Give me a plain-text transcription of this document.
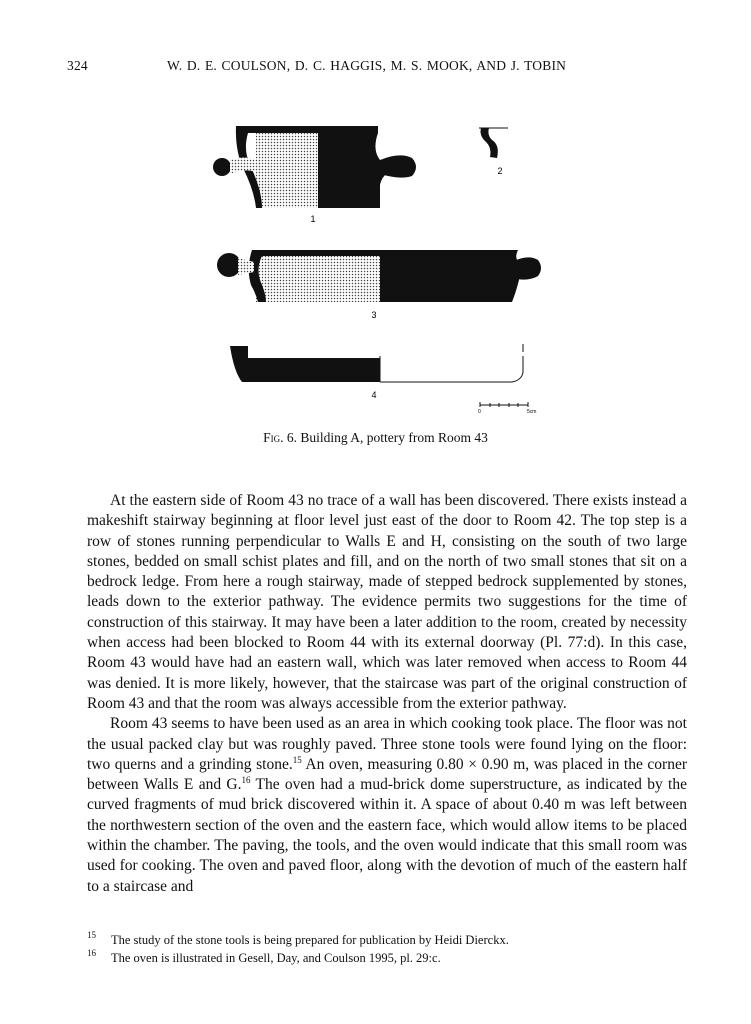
324	W. D. E. COULSON, D. C. HAGGIS, M. S. MOOK, AND J. TOBIN
1
2
3
4
0	5cm
Fig. 6. Building A, pottery from Room 43

At the eastern side of Room 43 no trace of a wall has been discovered. There exists instead a makeshift stairway beginning at floor level just east of the door to Room 42. The top step is a row of stones running perpendicular to Walls E and H, consisting on the south of two large stones, bedded on small schist plates and fill, and on the north of two small stones that sit on a bedrock ledge. From here a rough stairway, made of stepped bedrock supplemented by stones, leads down to the exterior pathway. The evidence permits two suggestions for the time of construction of this stairway. It may have been a later addition to the room, created by necessity when access had been blocked to Room 44 with its external doorway (Pl. 77:d). In this case, Room 43 would have had an eastern wall, which was later removed when access to Room 44 was denied. It is more likely, however, that the staircase was part of the original construction of Room 43 and that the room was always accessible from the exterior pathway.

Room 43 seems to have been used as an area in which cooking took place. The floor was not the usual packed clay but was roughly paved. Three stone tools were found lying on the floor: two querns and a grinding stone.$^{15}$ An oven, measuring 0.80 × 0.90 m, was placed in the corner between Walls E and G.$^{16}$ The oven had a mud-brick dome superstructure, as indicated by the curved fragments of mud brick discovered within it. A space of about 0.40 m was left between the northwestern section of the oven and the eastern face, which would allow items to be placed within the chamber. The paving, the tools, and the oven would indicate that this small room was used for cooking. The oven and paved floor, along with the devotion of much of the eastern half to a staircase and

$^{15}$ The study of the stone tools is being prepared for publication by Heidi Dierckx.

$^{16}$ The oven is illustrated in Gesell, Day, and Coulson 1995, pl. 29:c.
